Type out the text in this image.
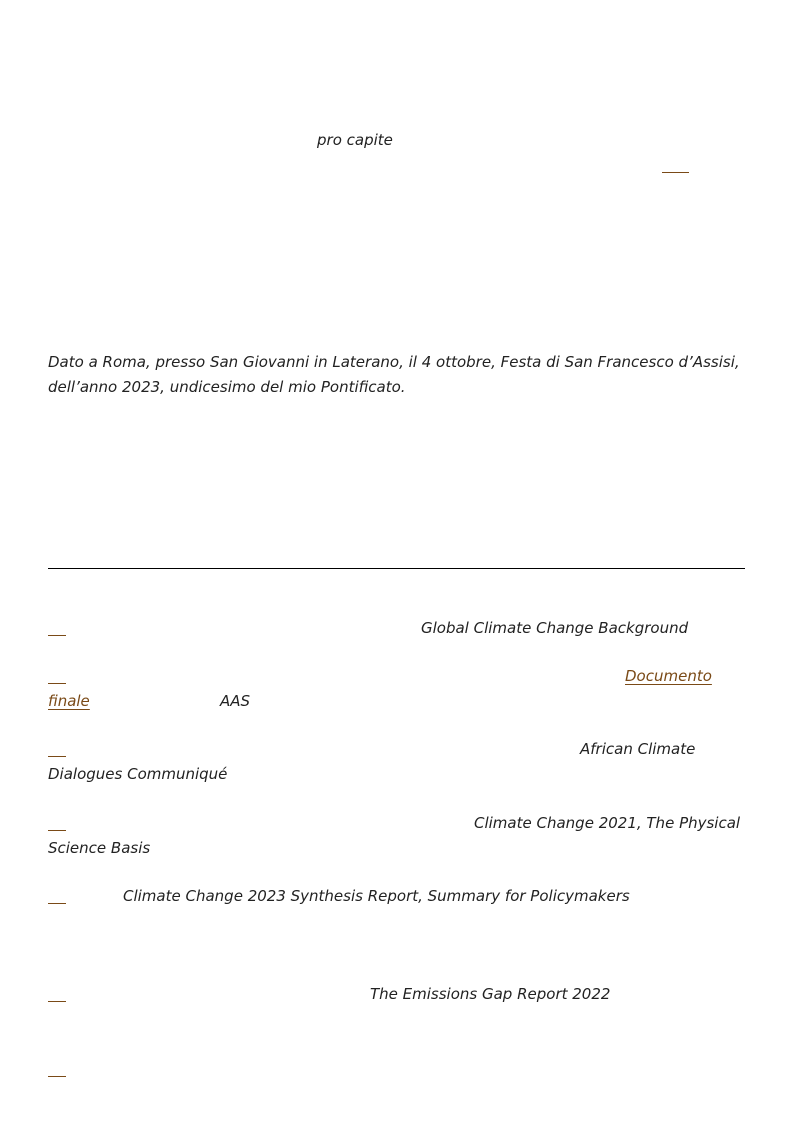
pro capite
Dato a Roma, presso San Giovanni in Laterano, il 4 ottobre, Festa di San Francesco d’Assisi,
dell’anno 2023, undicesimo del mio Pontificato.
Global Climate Change Background
Documento
finale	AAS
African Climate
Dialogues Communiqué
Climate Change 2021, The Physical
Science Basis
Climate Change 2023 Synthesis Report, Summary for Policymakers
The Emissions Gap Report 2022
